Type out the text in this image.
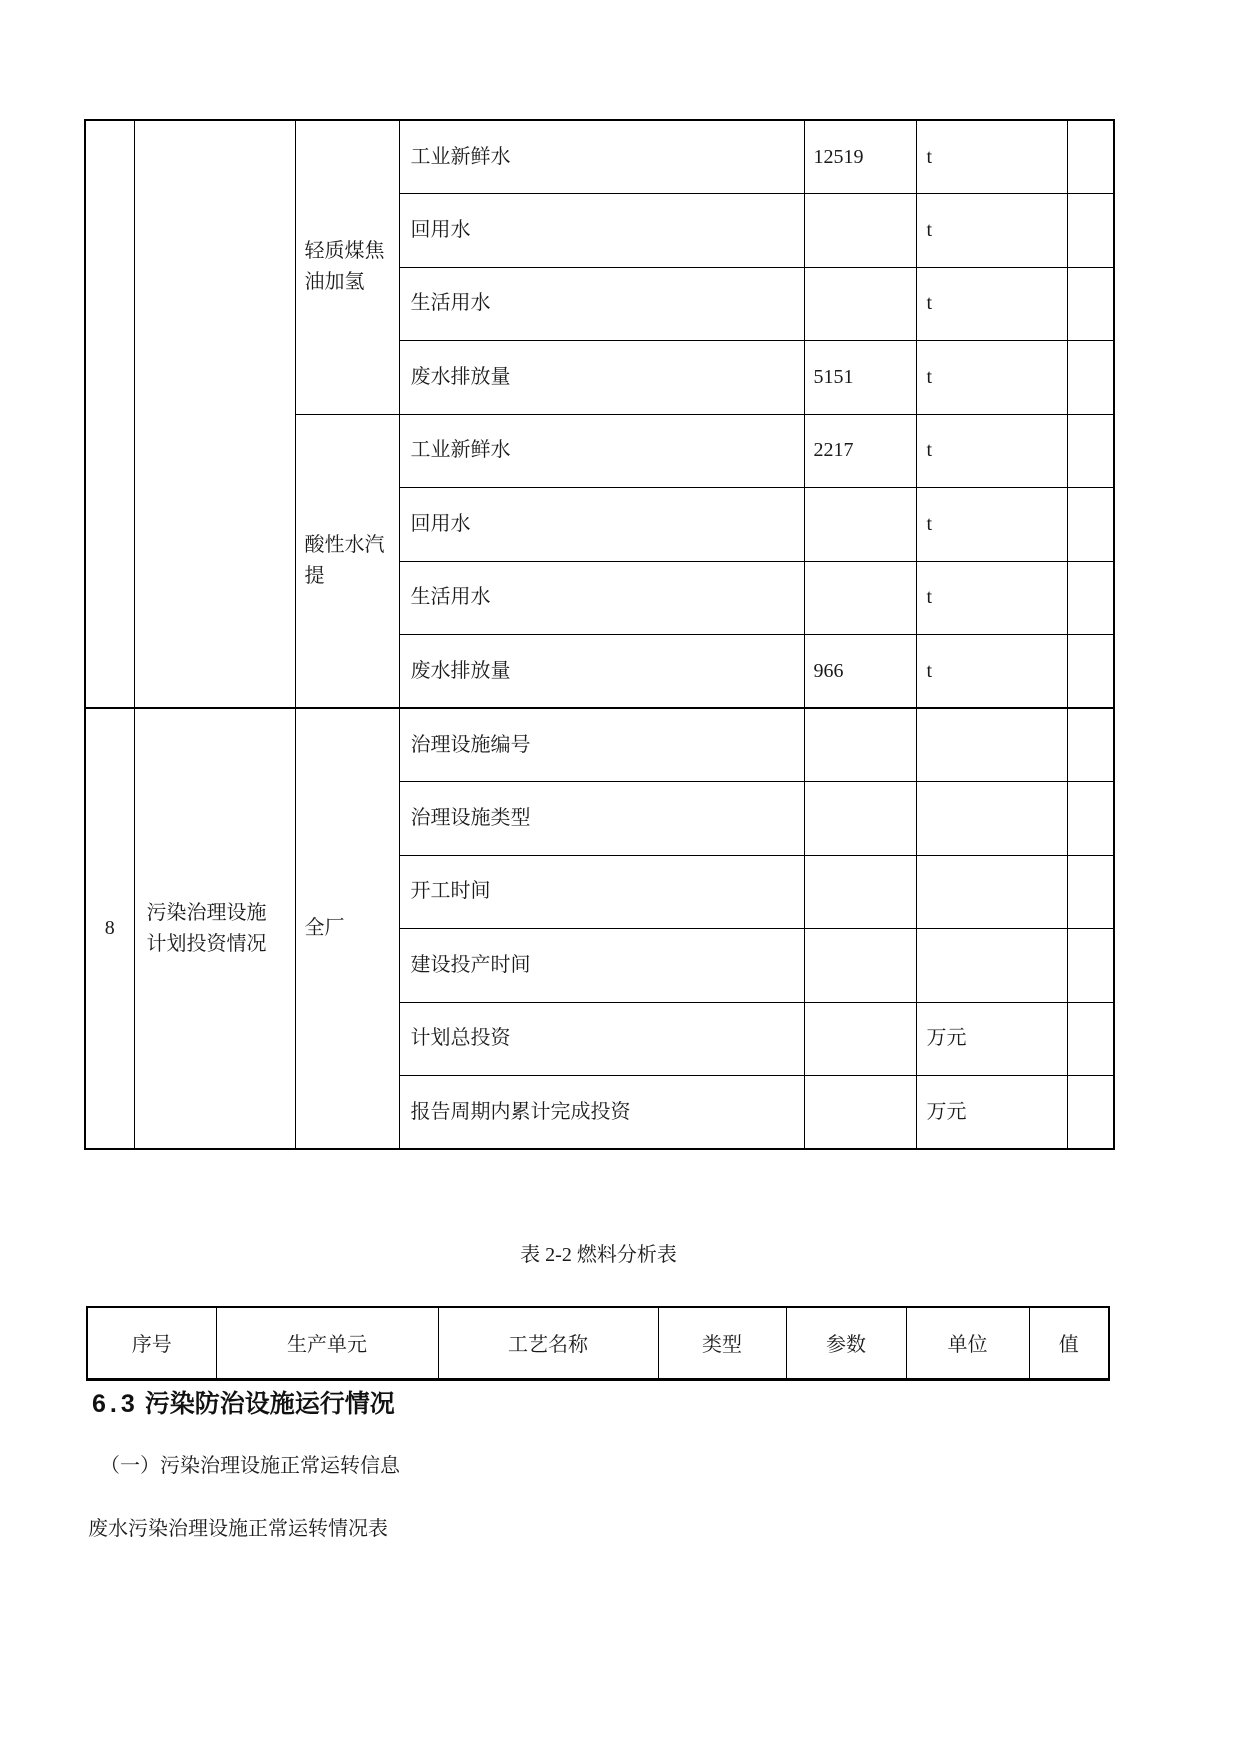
		轻质煤焦油加氢	工业新鲜水	12519	t	
			回用水		t	
			生活用水		t	
			废水排放量	5151	t	
		酸性水汽提	工业新鲜水	2217	t	
			回用水		t	
			生活用水		t	
			废水排放量	966	t	
8	污染治理设施计划投资情况	全厂	治理设施编号			
			治理设施类型			
			开工时间			
			建设投产时间			
			计划总投资		万元	
			报告周期内累计完成投资		万元	
表 2-2 燃料分析表
序号	生产单元	工艺名称	类型	参数	单位	值
6.3 污染防治设施运行情况
（一）污染治理设施正常运转信息
废水污染治理设施正常运转情况表
